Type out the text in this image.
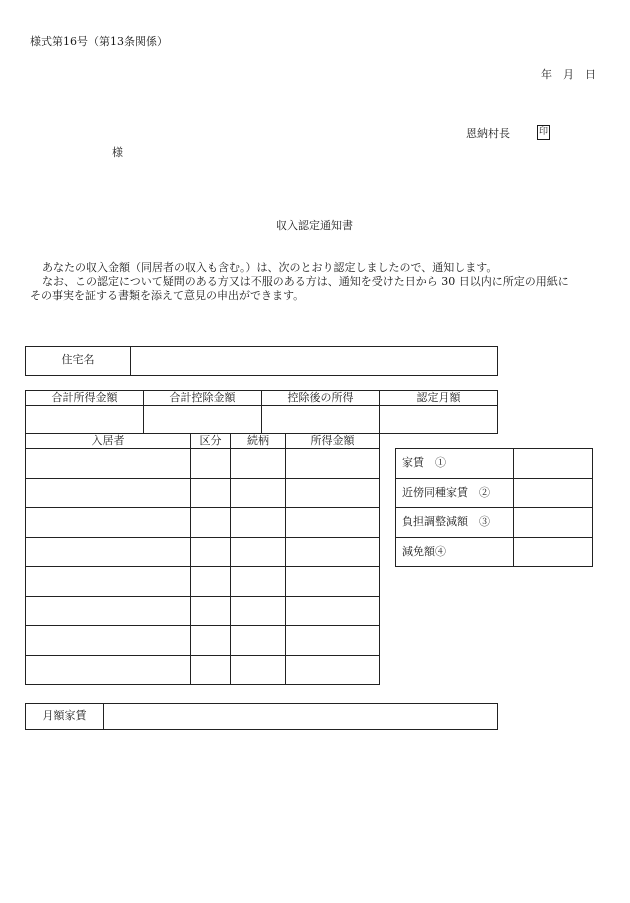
様式第16号（第13条関係）
年　月　日
恩納村長	印
様
収入認定通知書

あなたの収入金額（同居者の収入も含む。）は、次のとおり認定しましたので、通知します。

なお、この認定について疑問のある方又は不服のある方は、通知を受けた日から 30 日以内に所定の用紙に

その事実を証する書類を添えて意見の申出ができます。

住宅名
合計所得金額	合計控除金額	控除後の所得	認定月額
入居者	区分	続柄	所得金額
家賃　①
近傍同種家賃　②
負担調整減額　③
減免額④
月額家賃
